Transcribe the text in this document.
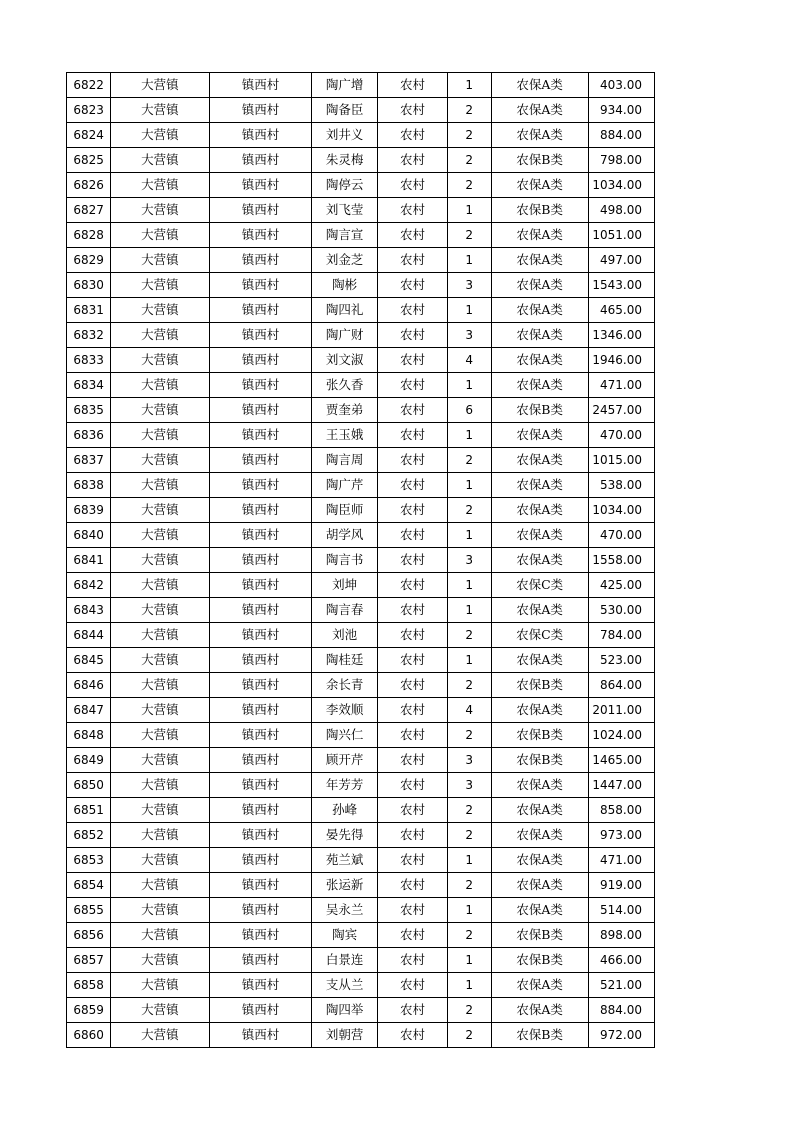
6822	大营镇	镇西村	陶广增	农村	1	农保A类	403.00
6823	大营镇	镇西村	陶备臣	农村	2	农保A类	934.00
6824	大营镇	镇西村	刘井义	农村	2	农保A类	884.00
6825	大营镇	镇西村	朱灵梅	农村	2	农保B类	798.00
6826	大营镇	镇西村	陶停云	农村	2	农保A类	1034.00
6827	大营镇	镇西村	刘飞莹	农村	1	农保B类	498.00
6828	大营镇	镇西村	陶言宣	农村	2	农保A类	1051.00
6829	大营镇	镇西村	刘金芝	农村	1	农保A类	497.00
6830	大营镇	镇西村	陶彬	农村	3	农保A类	1543.00
6831	大营镇	镇西村	陶四礼	农村	1	农保A类	465.00
6832	大营镇	镇西村	陶广财	农村	3	农保A类	1346.00
6833	大营镇	镇西村	刘文淑	农村	4	农保A类	1946.00
6834	大营镇	镇西村	张久香	农村	1	农保A类	471.00
6835	大营镇	镇西村	贾奎弟	农村	6	农保B类	2457.00
6836	大营镇	镇西村	王玉娥	农村	1	农保A类	470.00
6837	大营镇	镇西村	陶言周	农村	2	农保A类	1015.00
6838	大营镇	镇西村	陶广芹	农村	1	农保A类	538.00
6839	大营镇	镇西村	陶臣师	农村	2	农保A类	1034.00
6840	大营镇	镇西村	胡学风	农村	1	农保A类	470.00
6841	大营镇	镇西村	陶言书	农村	3	农保A类	1558.00
6842	大营镇	镇西村	刘坤	农村	1	农保C类	425.00
6843	大营镇	镇西村	陶言春	农村	1	农保A类	530.00
6844	大营镇	镇西村	刘池	农村	2	农保C类	784.00
6845	大营镇	镇西村	陶桂廷	农村	1	农保A类	523.00
6846	大营镇	镇西村	余长青	农村	2	农保B类	864.00
6847	大营镇	镇西村	李效顺	农村	4	农保A类	2011.00
6848	大营镇	镇西村	陶兴仁	农村	2	农保B类	1024.00
6849	大营镇	镇西村	顾开芹	农村	3	农保B类	1465.00
6850	大营镇	镇西村	年芳芳	农村	3	农保A类	1447.00
6851	大营镇	镇西村	孙峰	农村	2	农保A类	858.00
6852	大营镇	镇西村	晏先得	农村	2	农保A类	973.00
6853	大营镇	镇西村	苑兰斌	农村	1	农保A类	471.00
6854	大营镇	镇西村	张运新	农村	2	农保A类	919.00
6855	大营镇	镇西村	吴永兰	农村	1	农保A类	514.00
6856	大营镇	镇西村	陶宾	农村	2	农保B类	898.00
6857	大营镇	镇西村	白景连	农村	1	农保B类	466.00
6858	大营镇	镇西村	支从兰	农村	1	农保A类	521.00
6859	大营镇	镇西村	陶四举	农村	2	农保A类	884.00
6860	大营镇	镇西村	刘朝营	农村	2	农保B类	972.00
